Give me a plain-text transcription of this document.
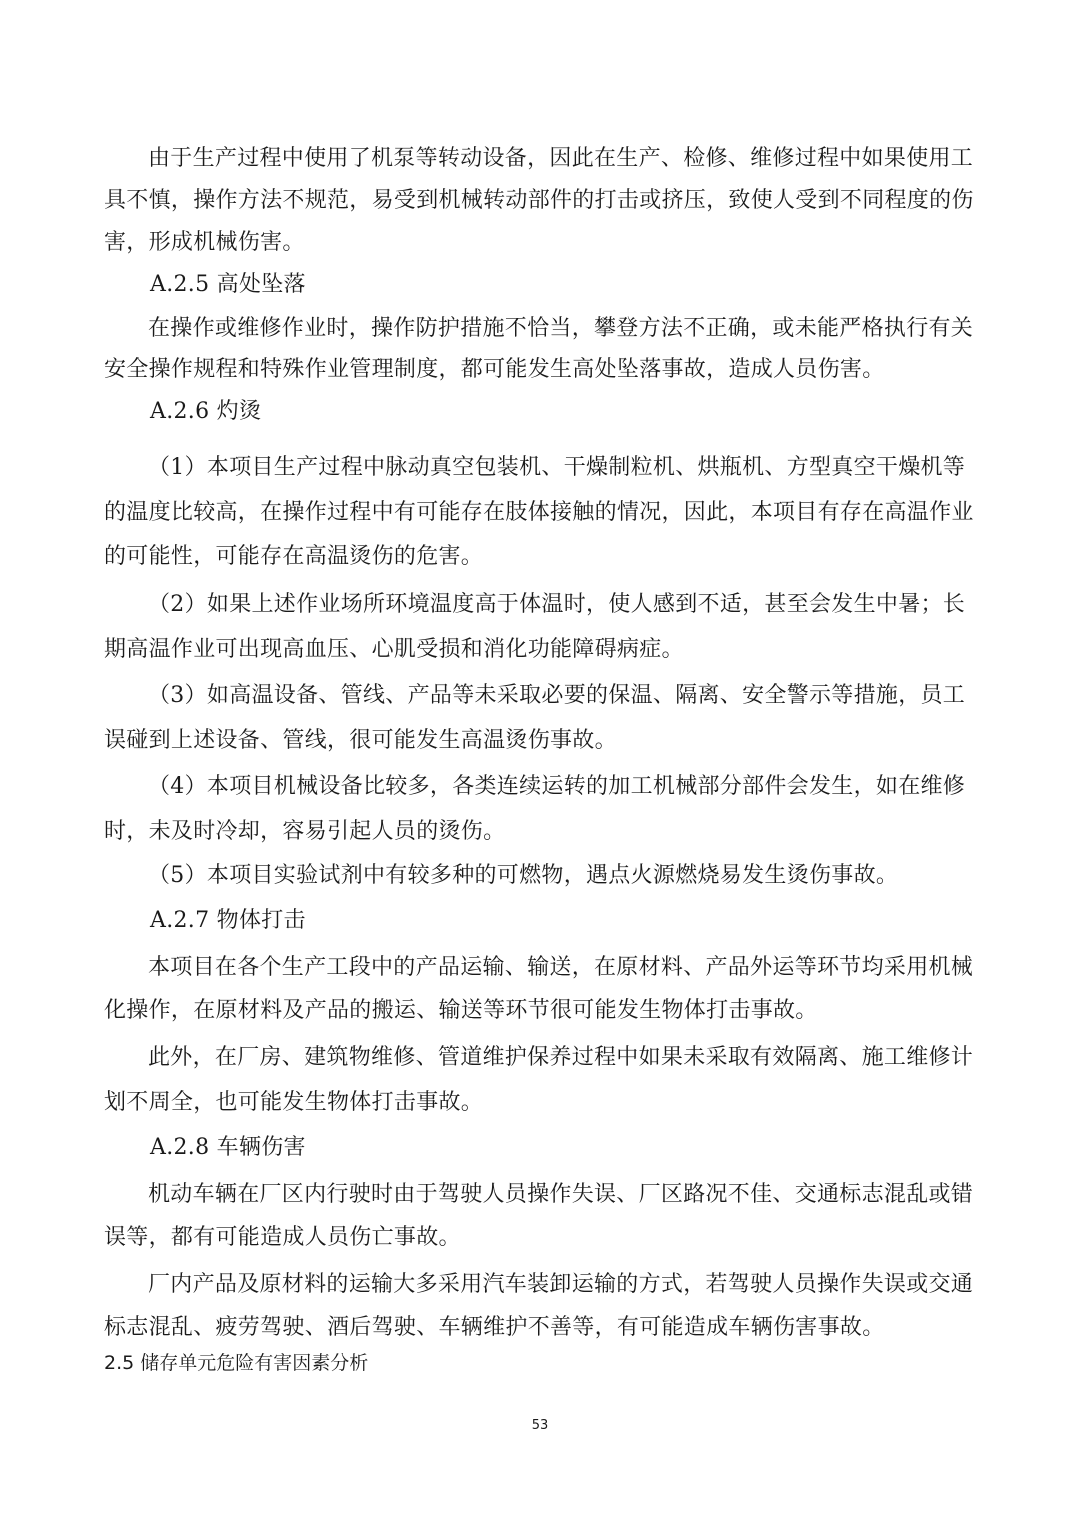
由于生产过程中使用了机泵等转动设备，因此在生产、检修、维修过程中如果使用工
具不慎，操作方法不规范，易受到机械转动部件的打击或挤压，致使人受到不同程度的伤
害，形成机械伤害。
A.2.5 高处坠落
在操作或维修作业时，操作防护措施不恰当，攀登方法不正确，或未能严格执行有关
安全操作规程和特殊作业管理制度，都可能发生高处坠落事故，造成人员伤害。
A.2.6 灼烫
（1）本项目生产过程中脉动真空包装机、干燥制粒机、烘瓶机、方型真空干燥机等
的温度比较高，在操作过程中有可能存在肢体接触的情况，因此，本项目有存在高温作业
的可能性，可能存在高温烫伤的危害。
（2）如果上述作业场所环境温度高于体温时，使人感到不适，甚至会发生中暑；长
期高温作业可出现高血压、心肌受损和消化功能障碍病症。
（3）如高温设备、管线、产品等未采取必要的保温、隔离、安全警示等措施，员工
误碰到上述设备、管线，很可能发生高温烫伤事故。
（4）本项目机械设备比较多，各类连续运转的加工机械部分部件会发生，如在维修
时，未及时冷却，容易引起人员的烫伤。
（5）本项目实验试剂中有较多种的可燃物，遇点火源燃烧易发生烫伤事故。
A.2.7 物体打击
本项目在各个生产工段中的产品运输、输送，在原材料、产品外运等环节均采用机械
化操作，在原材料及产品的搬运、输送等环节很可能发生物体打击事故。
此外，在厂房、建筑物维修、管道维护保养过程中如果未采取有效隔离、施工维修计
划不周全，也可能发生物体打击事故。
A.2.8 车辆伤害
机动车辆在厂区内行驶时由于驾驶人员操作失误、厂区路况不佳、交通标志混乱或错
误等，都有可能造成人员伤亡事故。
厂内产品及原材料的运输大多采用汽车装卸运输的方式，若驾驶人员操作失误或交通
标志混乱、疲劳驾驶、酒后驾驶、车辆维护不善等，有可能造成车辆伤害事故。
2.5 储存单元危险有害因素分析
53
